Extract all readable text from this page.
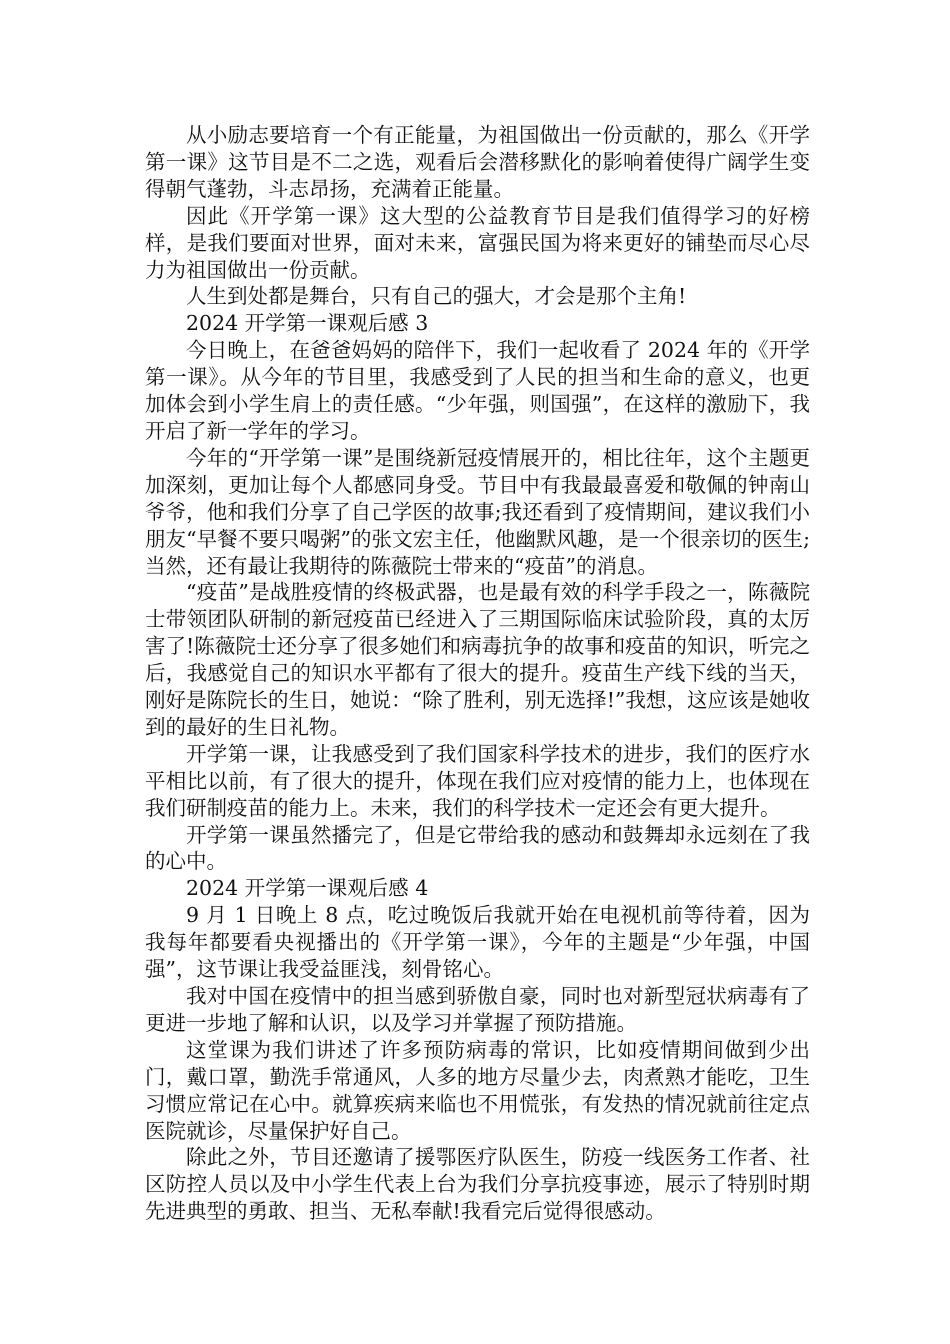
从小励志要培育一个有正能量，为祖国做出一份贡献的，那么《开学第一课》这节目是不二之选，观看后会潜移默化的影响着使得广阔学生变得朝气蓬勃，斗志昂扬，充满着正能量。

因此《开学第一课》这大型的公益教育节目是我们值得学习的好榜样，是我们要面对世界，面对未来，富强民国为将来更好的铺垫而尽心尽力为祖国做出一份贡献。

人生到处都是舞台，只有自己的强大，才会是那个主角!

2024 开学第一课观后感 3

今日晚上，在爸爸妈妈的陪伴下，我们一起收看了 2024 年的《开学第一课》。从今年的节目里，我感受到了人民的担当和生命的意义，也更加体会到小学生肩上的责任感。“少年强，则国强”，在这样的激励下，我开启了新一学年的学习。

今年的“开学第一课”是围绕新冠疫情展开的，相比往年，这个主题更加深刻，更加让每个人都感同身受。节目中有我最最喜爱和敬佩的钟南山爷爷，他和我们分享了自己学医的故事;我还看到了疫情期间，建议我们小朋友“早餐不要只喝粥”的张文宏主任，他幽默风趣，是一个很亲切的医生;当然，还有最让我期待的陈薇院士带来的“疫苗”的消息。

“疫苗”是战胜疫情的终极武器，也是最有效的科学手段之一，陈薇院士带领团队研制的新冠疫苗已经进入了三期国际临床试验阶段，真的太厉害了!陈薇院士还分享了很多她们和病毒抗争的故事和疫苗的知识，听完之后，我感觉自己的知识水平都有了很大的提升。疫苗生产线下线的当天，刚好是陈院长的生日，她说：“除了胜利，别无选择!”我想，这应该是她收到的最好的生日礼物。

开学第一课，让我感受到了我们国家科学技术的进步，我们的医疗水平相比以前，有了很大的提升，体现在我们应对疫情的能力上，也体现在我们研制疫苗的能力上。未来，我们的科学技术一定还会有更大提升。

开学第一课虽然播完了，但是它带给我的感动和鼓舞却永远刻在了我的心中。

2024 开学第一课观后感 4

9 月 1 日晚上 8 点，吃过晚饭后我就开始在电视机前等待着，因为我每年都要看央视播出的《开学第一课》，今年的主题是“少年强，中国强”，这节课让我受益匪浅，刻骨铭心。

我对中国在疫情中的担当感到骄傲自豪，同时也对新型冠状病毒有了更进一步地了解和认识，以及学习并掌握了预防措施。

这堂课为我们讲述了许多预防病毒的常识，比如疫情期间做到少出门，戴口罩，勤洗手常通风，人多的地方尽量少去，肉煮熟才能吃，卫生习惯应常记在心中。就算疾病来临也不用慌张，有发热的情况就前往定点医院就诊，尽量保护好自己。

除此之外，节目还邀请了援鄂医疗队医生，防疫一线医务工作者、社区防控人员以及中小学生代表上台为我们分享抗疫事迹，展示了特别时期先进典型的勇敢、担当、无私奉献!我看完后觉得很感动。
